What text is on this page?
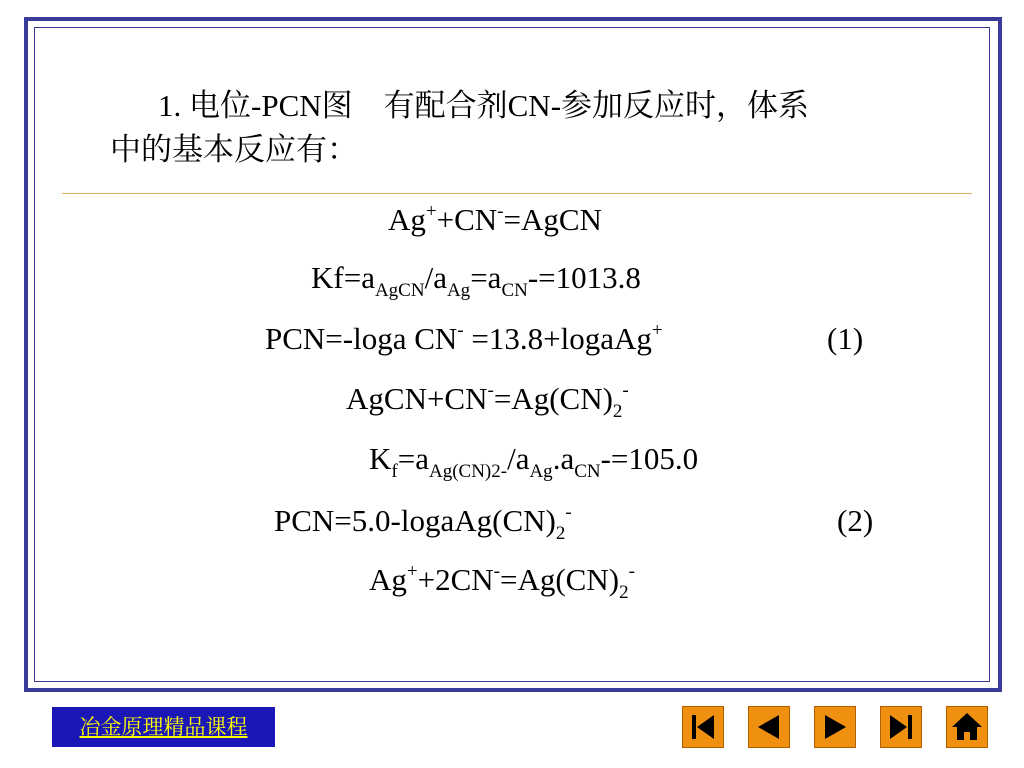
1. 电位-PCN图　有配合剂CN-参加反应时，体系
中的基本反应有：
Ag++CN-=AgCN
$Kf=a_{AgCN}/a_{Ag}=a_{CN}-=1013.8$
PCN=-loga CN- =13.8+logaAg+	(1)
$AgCN+CN^-=Ag(CN)_2^-$
$K_f=a_{Ag(CN)2-}/a_{Ag}.a_{CN}-=105.0$
$PCN=5.0-logaAg(CN)_2^-$	(2)
$Ag^++2CN^-=Ag(CN)_2^-$
冶金原理精品课程
